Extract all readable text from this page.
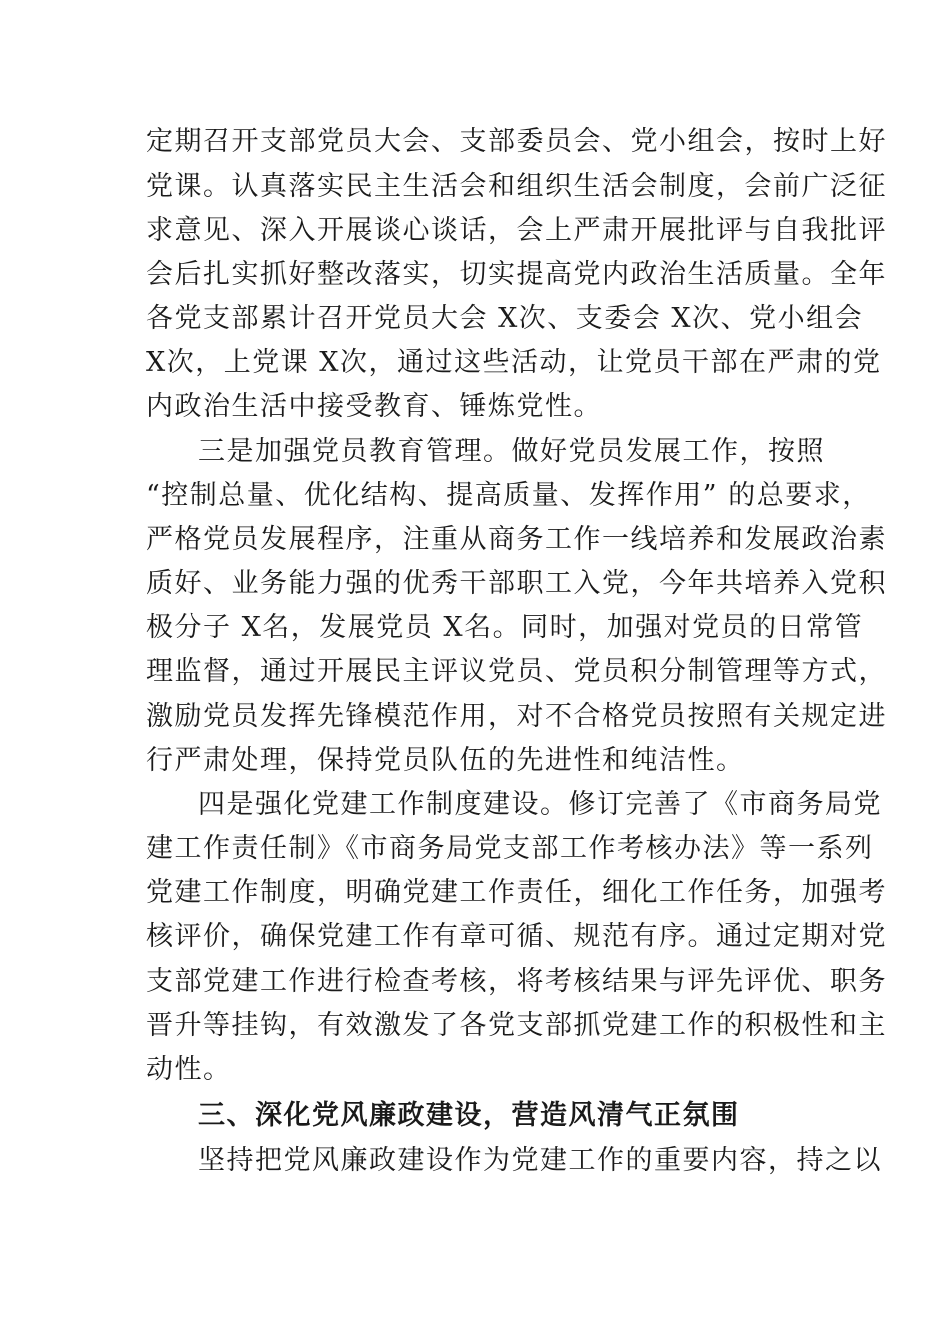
定期召开支部党员大会、支部委员会、党小组会，按时上好
党课。认真落实民主生活会和组织生活会制度，会前广泛征
求意见、深入开展谈心谈话，会上严肃开展批评与自我批评
会后扎实抓好整改落实，切实提高党内政治生活质量。全年
各党支部累计召开党员大会 X次、支委会 X次、党小组会
X次，上党课 X次，通过这些活动，让党员干部在严肃的党
内政治生活中接受教育、锤炼党性。
三是加强党员教育管理。做好党员发展工作，按照
“控制总量、优化结构、提高质量、发挥作用” 的总要求，
严格党员发展程序，注重从商务工作一线培养和发展政治素
质好、业务能力强的优秀干部职工入党，今年共培养入党积
极分子 X名，发展党员 X名。同时，加强对党员的日常管
理监督，通过开展民主评议党员、党员积分制管理等方式，
激励党员发挥先锋模范作用，对不合格党员按照有关规定进
行严肃处理，保持党员队伍的先进性和纯洁性。
四是强化党建工作制度建设。修订完善了《市商务局党
建工作责任制》《市商务局党支部工作考核办法》等一系列
党建工作制度，明确党建工作责任，细化工作任务，加强考
核评价，确保党建工作有章可循、规范有序。通过定期对党
支部党建工作进行检查考核，将考核结果与评先评优、职务
晋升等挂钩，有效激发了各党支部抓党建工作的积极性和主
动性。
三、深化党风廉政建设，营造风清气正氛围
坚持把党风廉政建设作为党建工作的重要内容，持之以
